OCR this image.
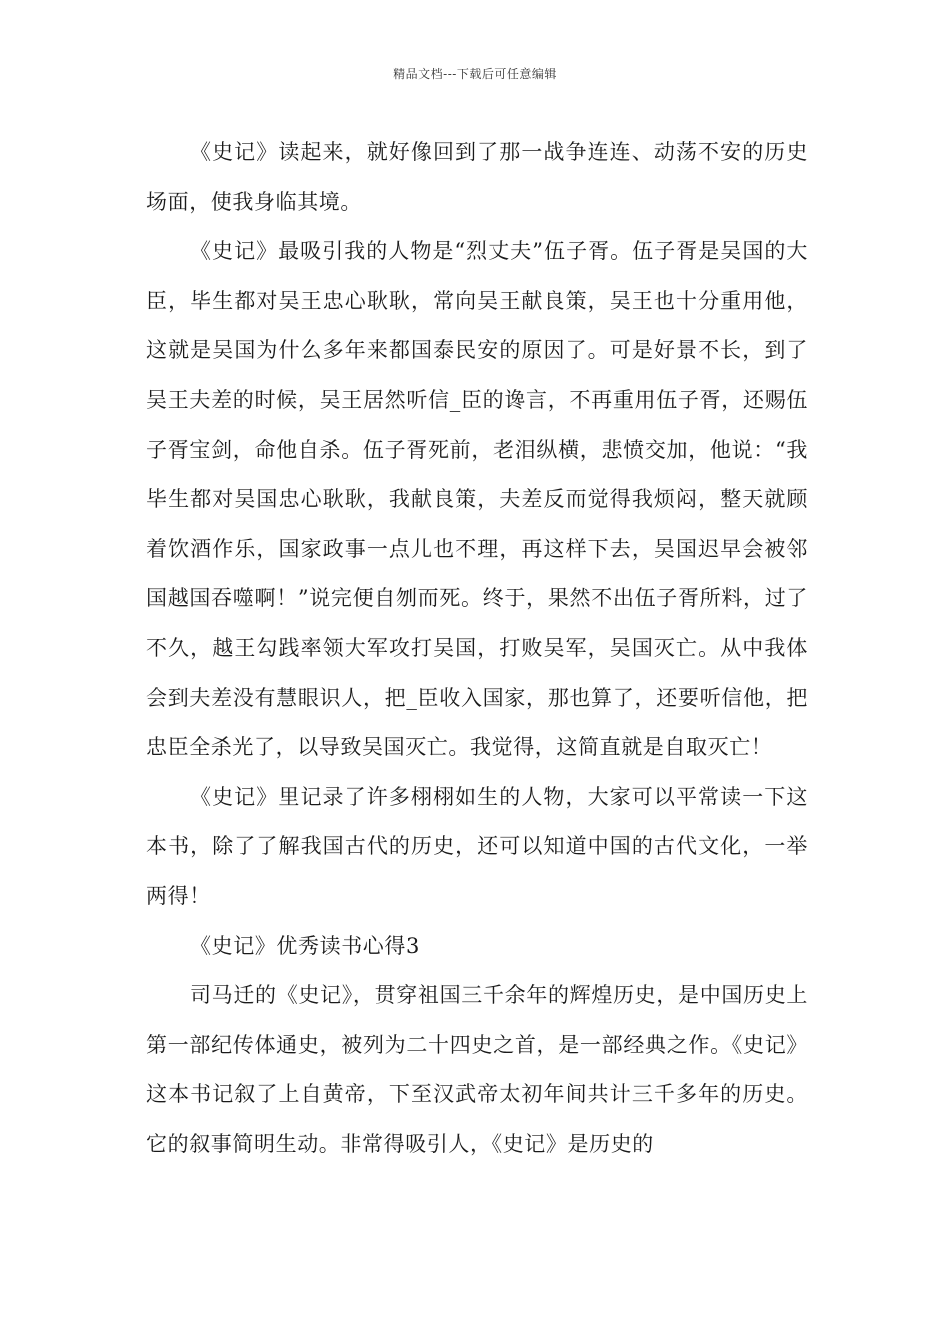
精品文档---下载后可任意编辑

《史记》读起来，就好像回到了那一战争连连、动荡不安的历史场面，使我身临其境。

《史记》最吸引我的人物是“烈丈夫”伍子胥。伍子胥是吴国的大臣，毕生都对吴王忠心耿耿，常向吴王献良策，吴王也十分重用他，这就是吴国为什么多年来都国泰民安的原因了。可是好景不长，到了吴王夫差的时候，吴王居然听信_臣的谗言，不再重用伍子胥，还赐伍子胥宝剑，命他自杀。伍子胥死前，老泪纵横，悲愤交加，他说：“我毕生都对吴国忠心耿耿，我献良策，夫差反而觉得我烦闷，整天就顾着饮酒作乐，国家政事一点儿也不理，再这样下去，吴国迟早会被邻国越国吞噬啊！”说完便自刎而死。终于，果然不出伍子胥所料，过了不久，越王勾践率领大军攻打吴国，打败吴军，吴国灭亡。从中我体会到夫差没有慧眼识人，把_臣收入国家，那也算了，还要听信他，把忠臣全杀光了，以导致吴国灭亡。我觉得，这简直就是自取灭亡！

《史记》里记录了许多栩栩如生的人物，大家可以平常读一下这本书，除了了解我国古代的历史，还可以知道中国的古代文化，一举两得！

《史记》优秀读书心得3

司马迁的《史记》，贯穿祖国三千余年的辉煌历史，是中国历史上第一部纪传体通史，被列为二十四史之首，是一部经典之作。《史记》这本书记叙了上自黄帝，下至汉武帝太初年间共计三千多年的历史。它的叙事简明生动。非常得吸引人，《史记》是历史的
